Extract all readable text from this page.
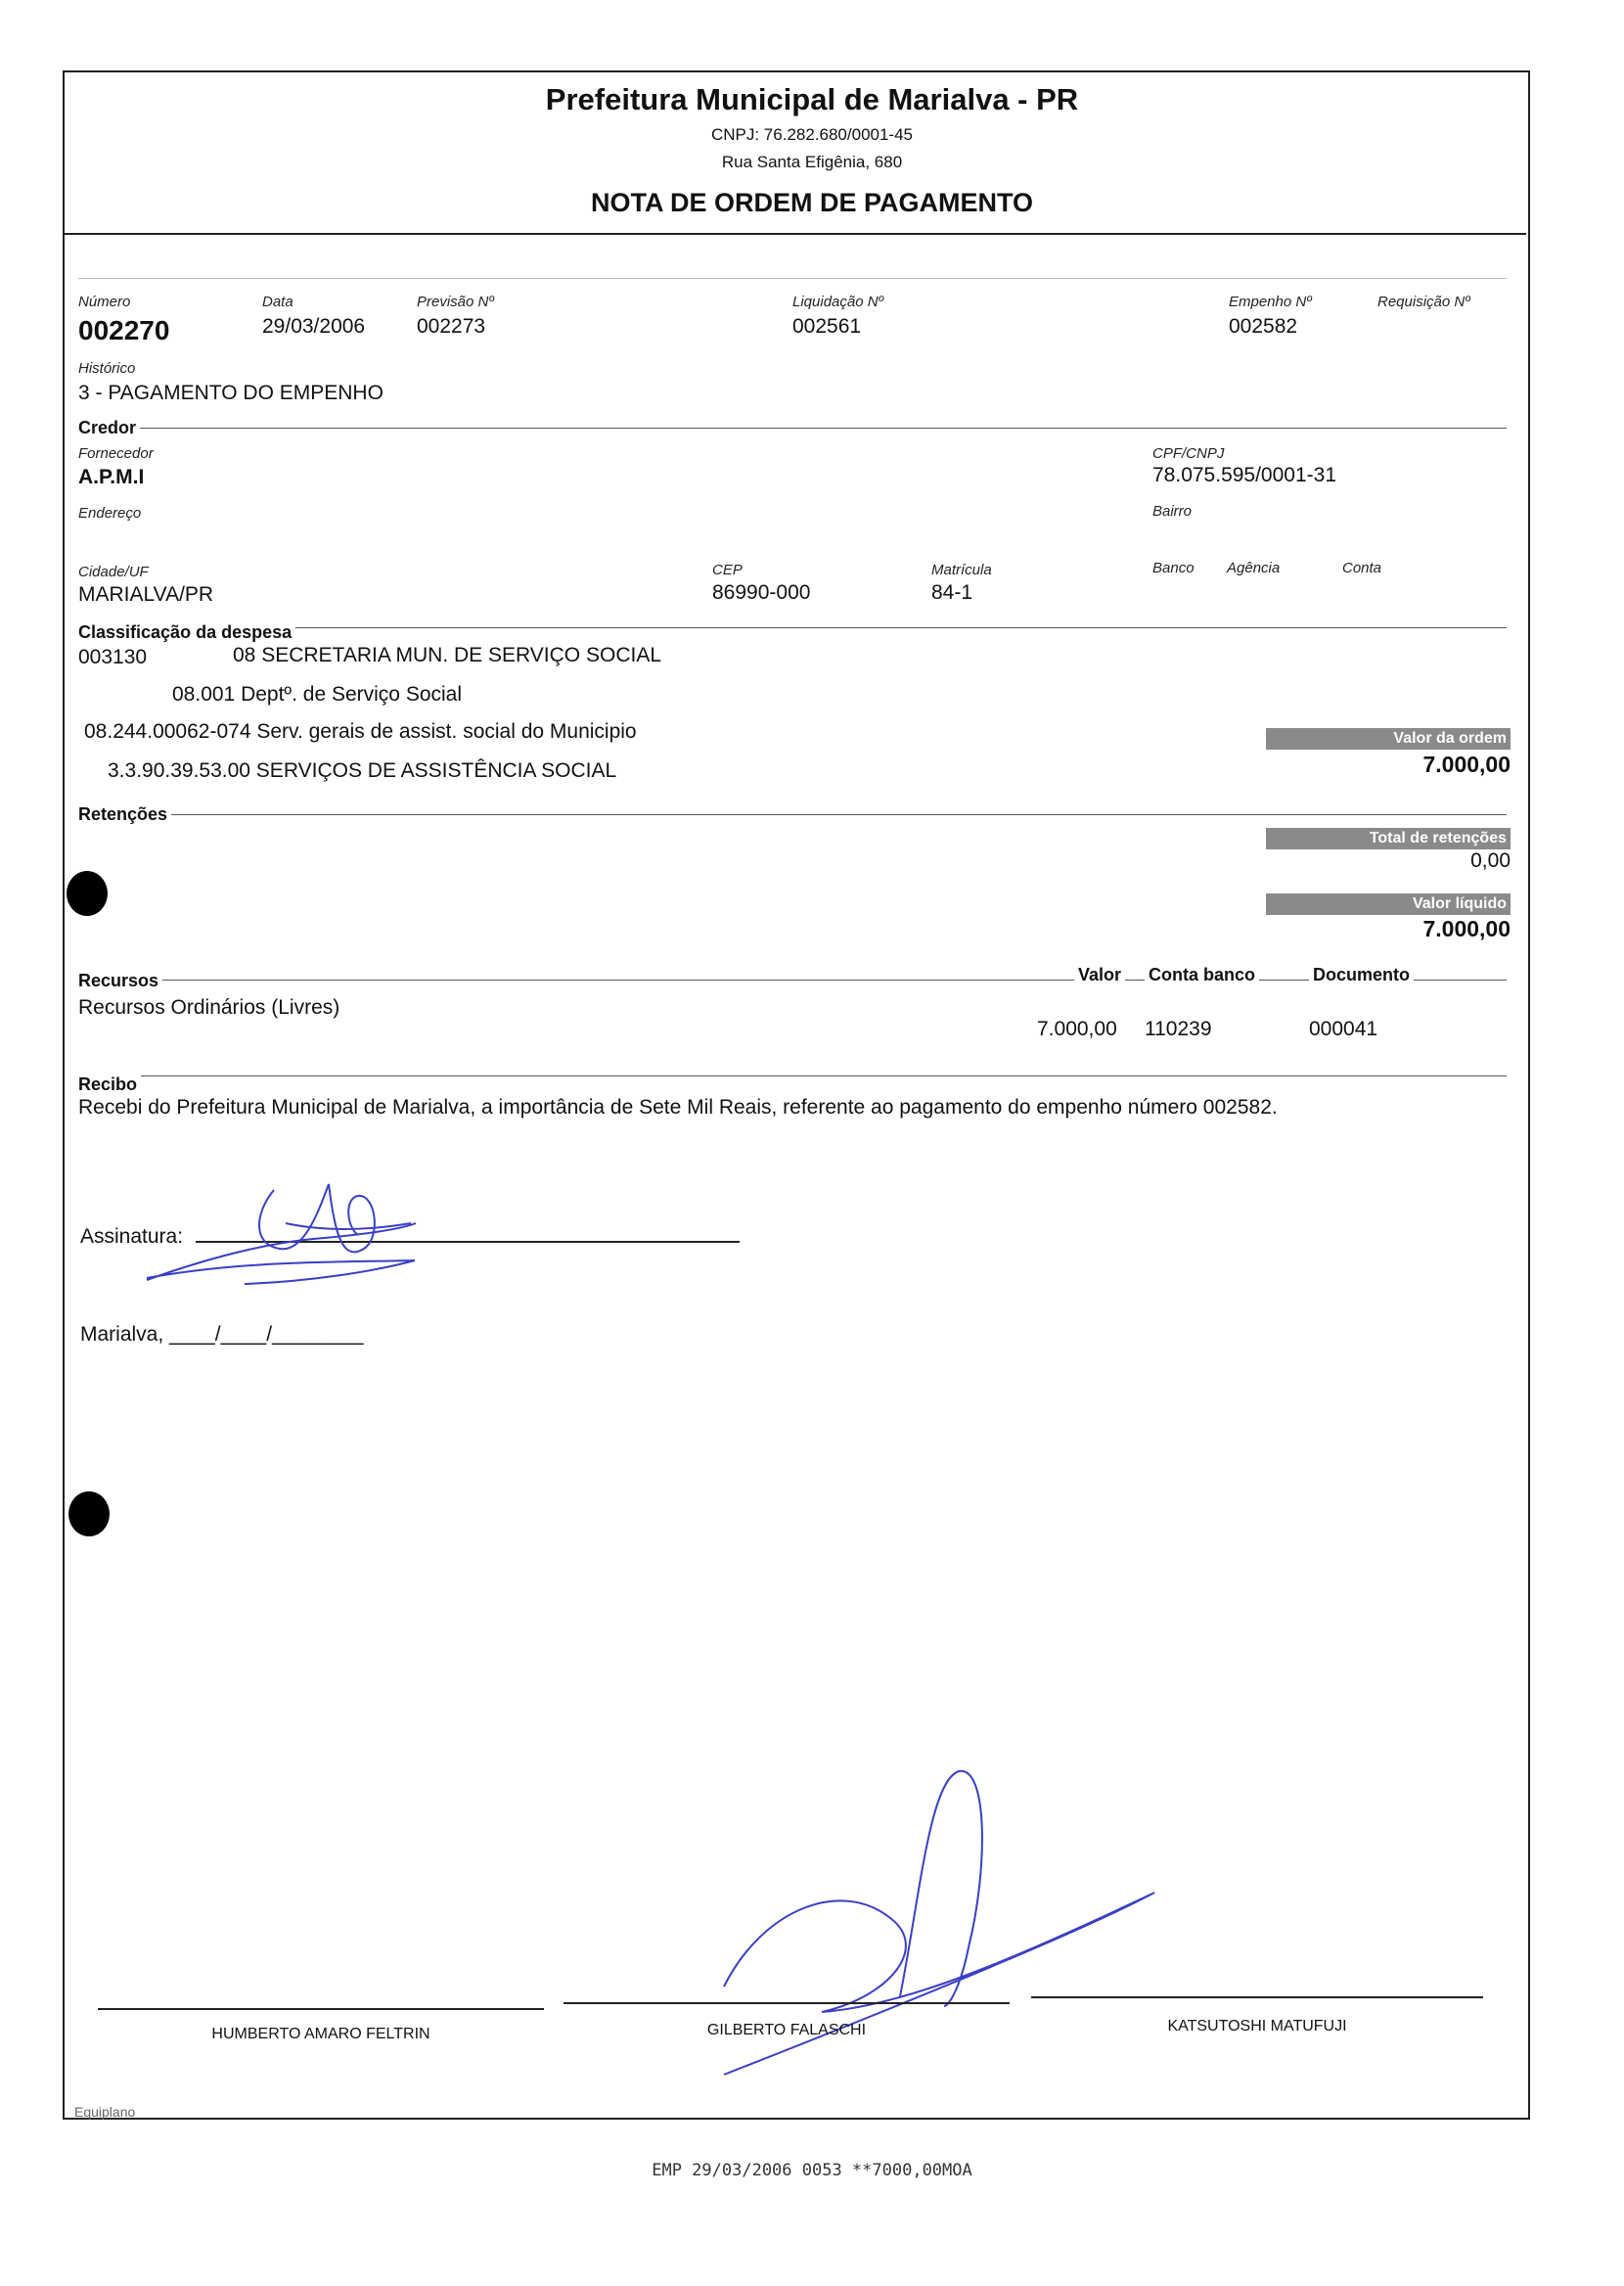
Prefeitura Municipal de Marialva - PR
CNPJ: 76.282.680/0001-45
Rua Santa Efigênia, 680
NOTA DE ORDEM DE PAGAMENTO
Número
002270
Data
29/03/2006
Previsão Nº
002273
Liquidação Nº
002561
Empenho Nº
002582
Requisição Nº
Histórico
3 - PAGAMENTO DO EMPENHO
Credor
Fornecedor
A.P.M.I
CPF/CNPJ
78.075.595/0001-31
Endereço	Bairro
Cidade/UF
MARIALVA/PR
CEP
86990-000
Matrícula
84-1
Banco Agência	Conta
Classificação da despesa
003130	08 SECRETARIA MUN. DE SERVIÇO SOCIAL
08.001 Deptº. de Serviço Social
08.244.00062-074 Serv. gerais de assist. social do Municipio
3.3.90.39.53.00 SERVIÇOS DE ASSISTÊNCIA SOCIAL
Valor da ordem
7.000,00
Retenções
Total de retenções
0,00
Valor líquido
7.000,00
Recursos	Valor Conta banco	Documento
Recursos Ordinários (Livres)
7.000,00 110239	000041
Recibo
Recebi do Prefeitura Municipal de Marialva, a importância de Sete Mil Reais, referente ao pagamento do empenho número 002582.
Assinatura:
Marialva, ____/____/________
HUMBERTO AMARO FELTRIN	GILBERTO FALASCHI	KATSUTOSHI MATUFUJI
Equiplano
EMP 29/03/2006 0053 **7000,00MOA
